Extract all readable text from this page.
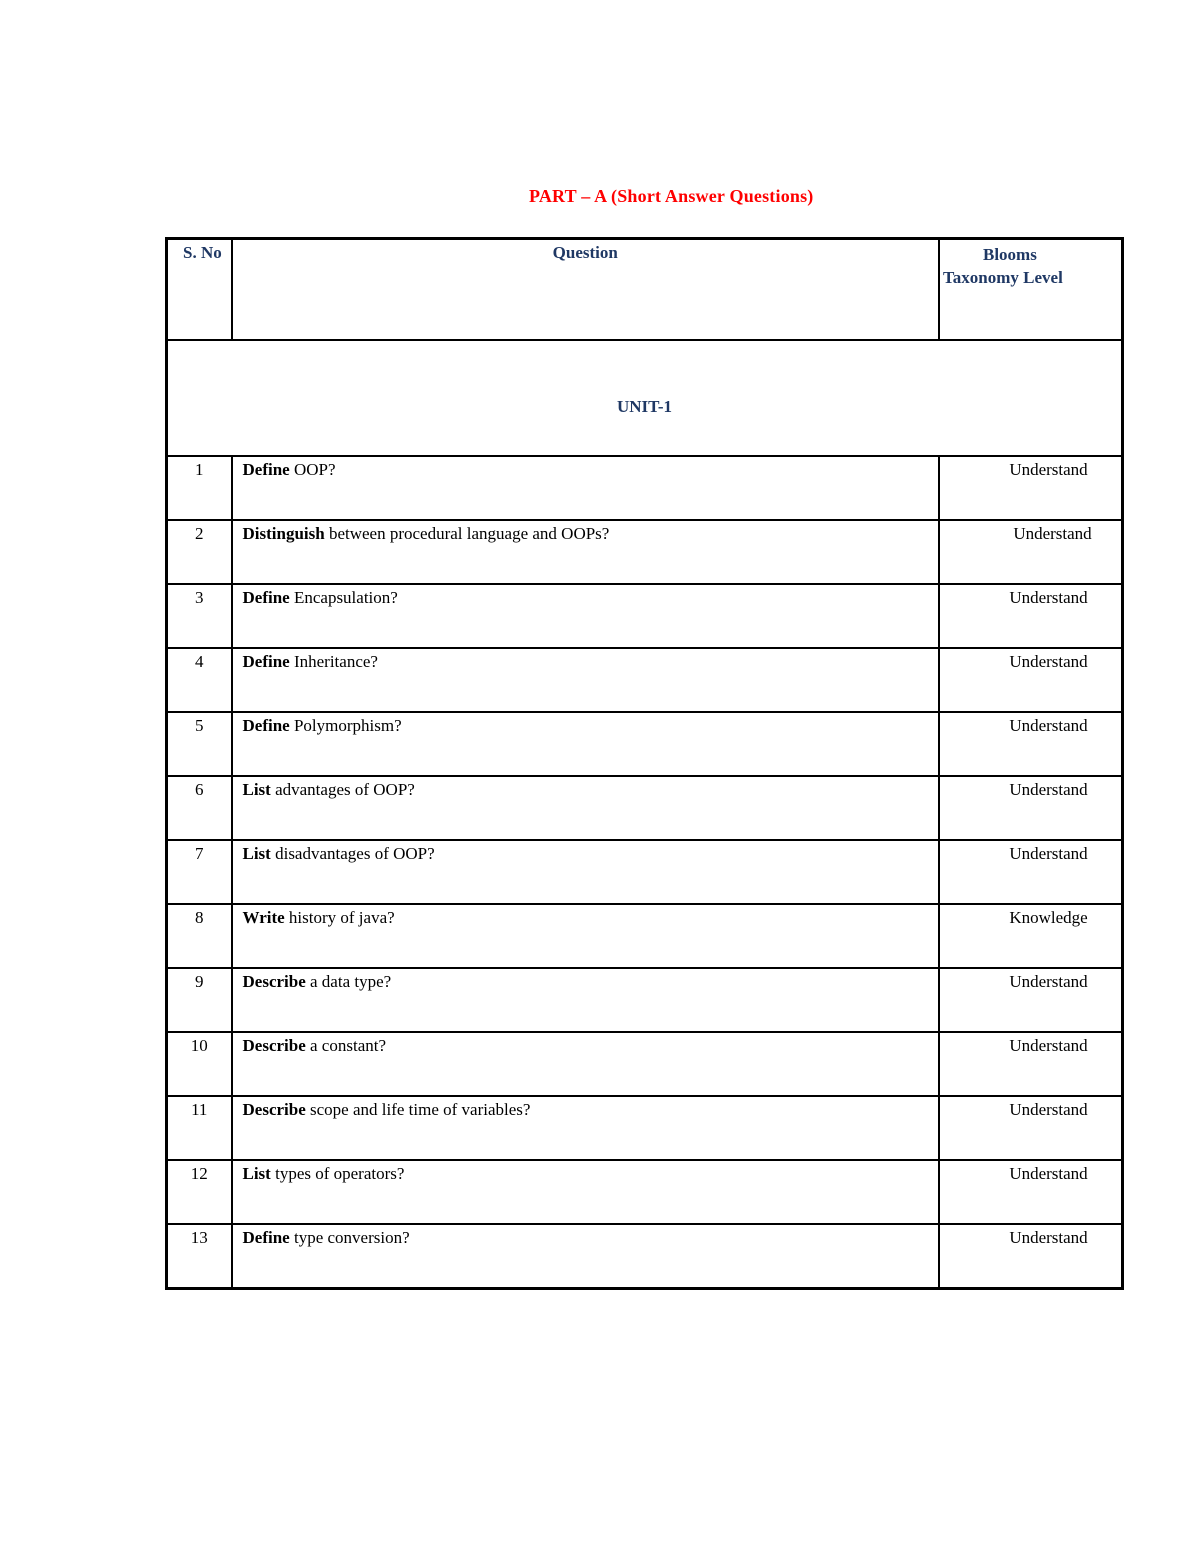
PART – A (Short Answer Questions)
S. No	Question	Blooms
Taxonomy Level
UNIT-1		
1	Define OOP?	Understand
2	Distinguish between procedural language and OOPs?	Understand
3	Define Encapsulation?	Understand
4	Define Inheritance?	Understand
5	Define Polymorphism?	Understand
6	List advantages of OOP?	Understand
7	List disadvantages of OOP?	Understand
8	Write history of java?	Knowledge
9	Describe a data type?	Understand
10	Describe a constant?	Understand
11	Describe scope and life time of variables?	Understand
12	List types of operators?	Understand
13	Define type conversion?	Understand
